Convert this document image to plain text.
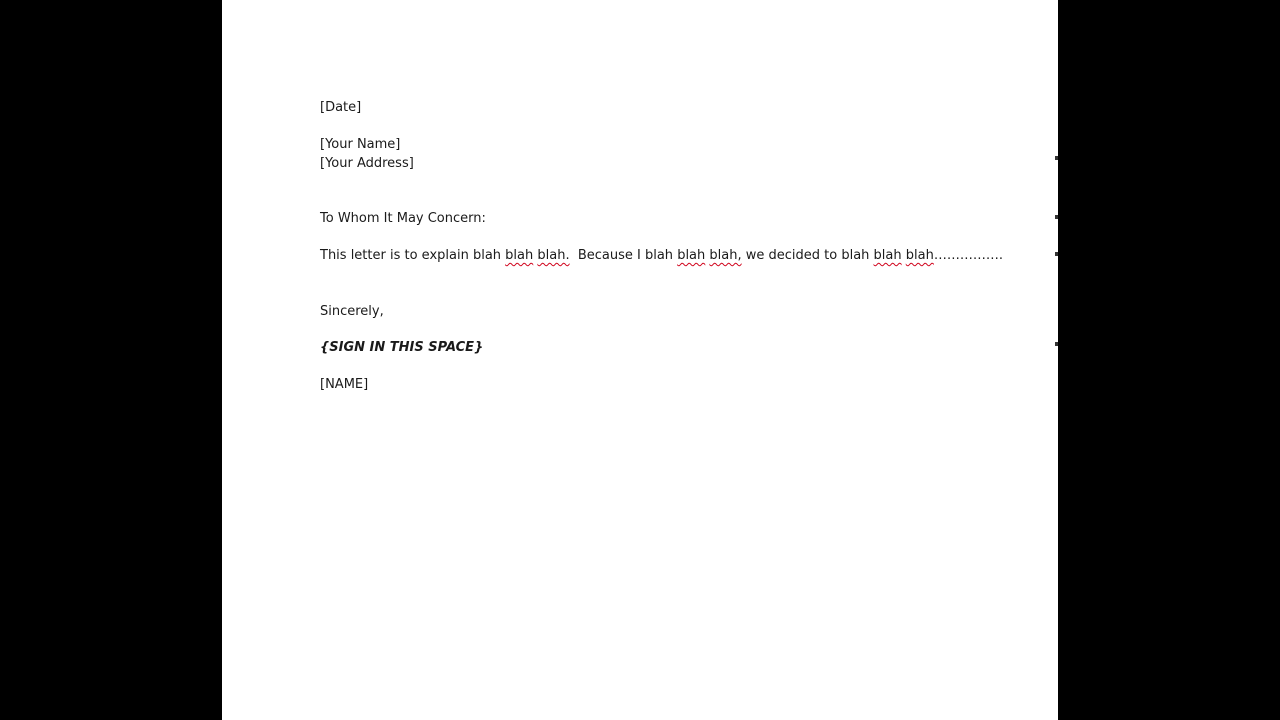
[Date]
[Your Name]
[Your Address]
To Whom It May Concern:
This letter is to explain blah blah blah.  Because I blah blah blah, we decided to blah blah blah…………….
Sincerely,
{SIGN IN THIS SPACE}
[NAME]
